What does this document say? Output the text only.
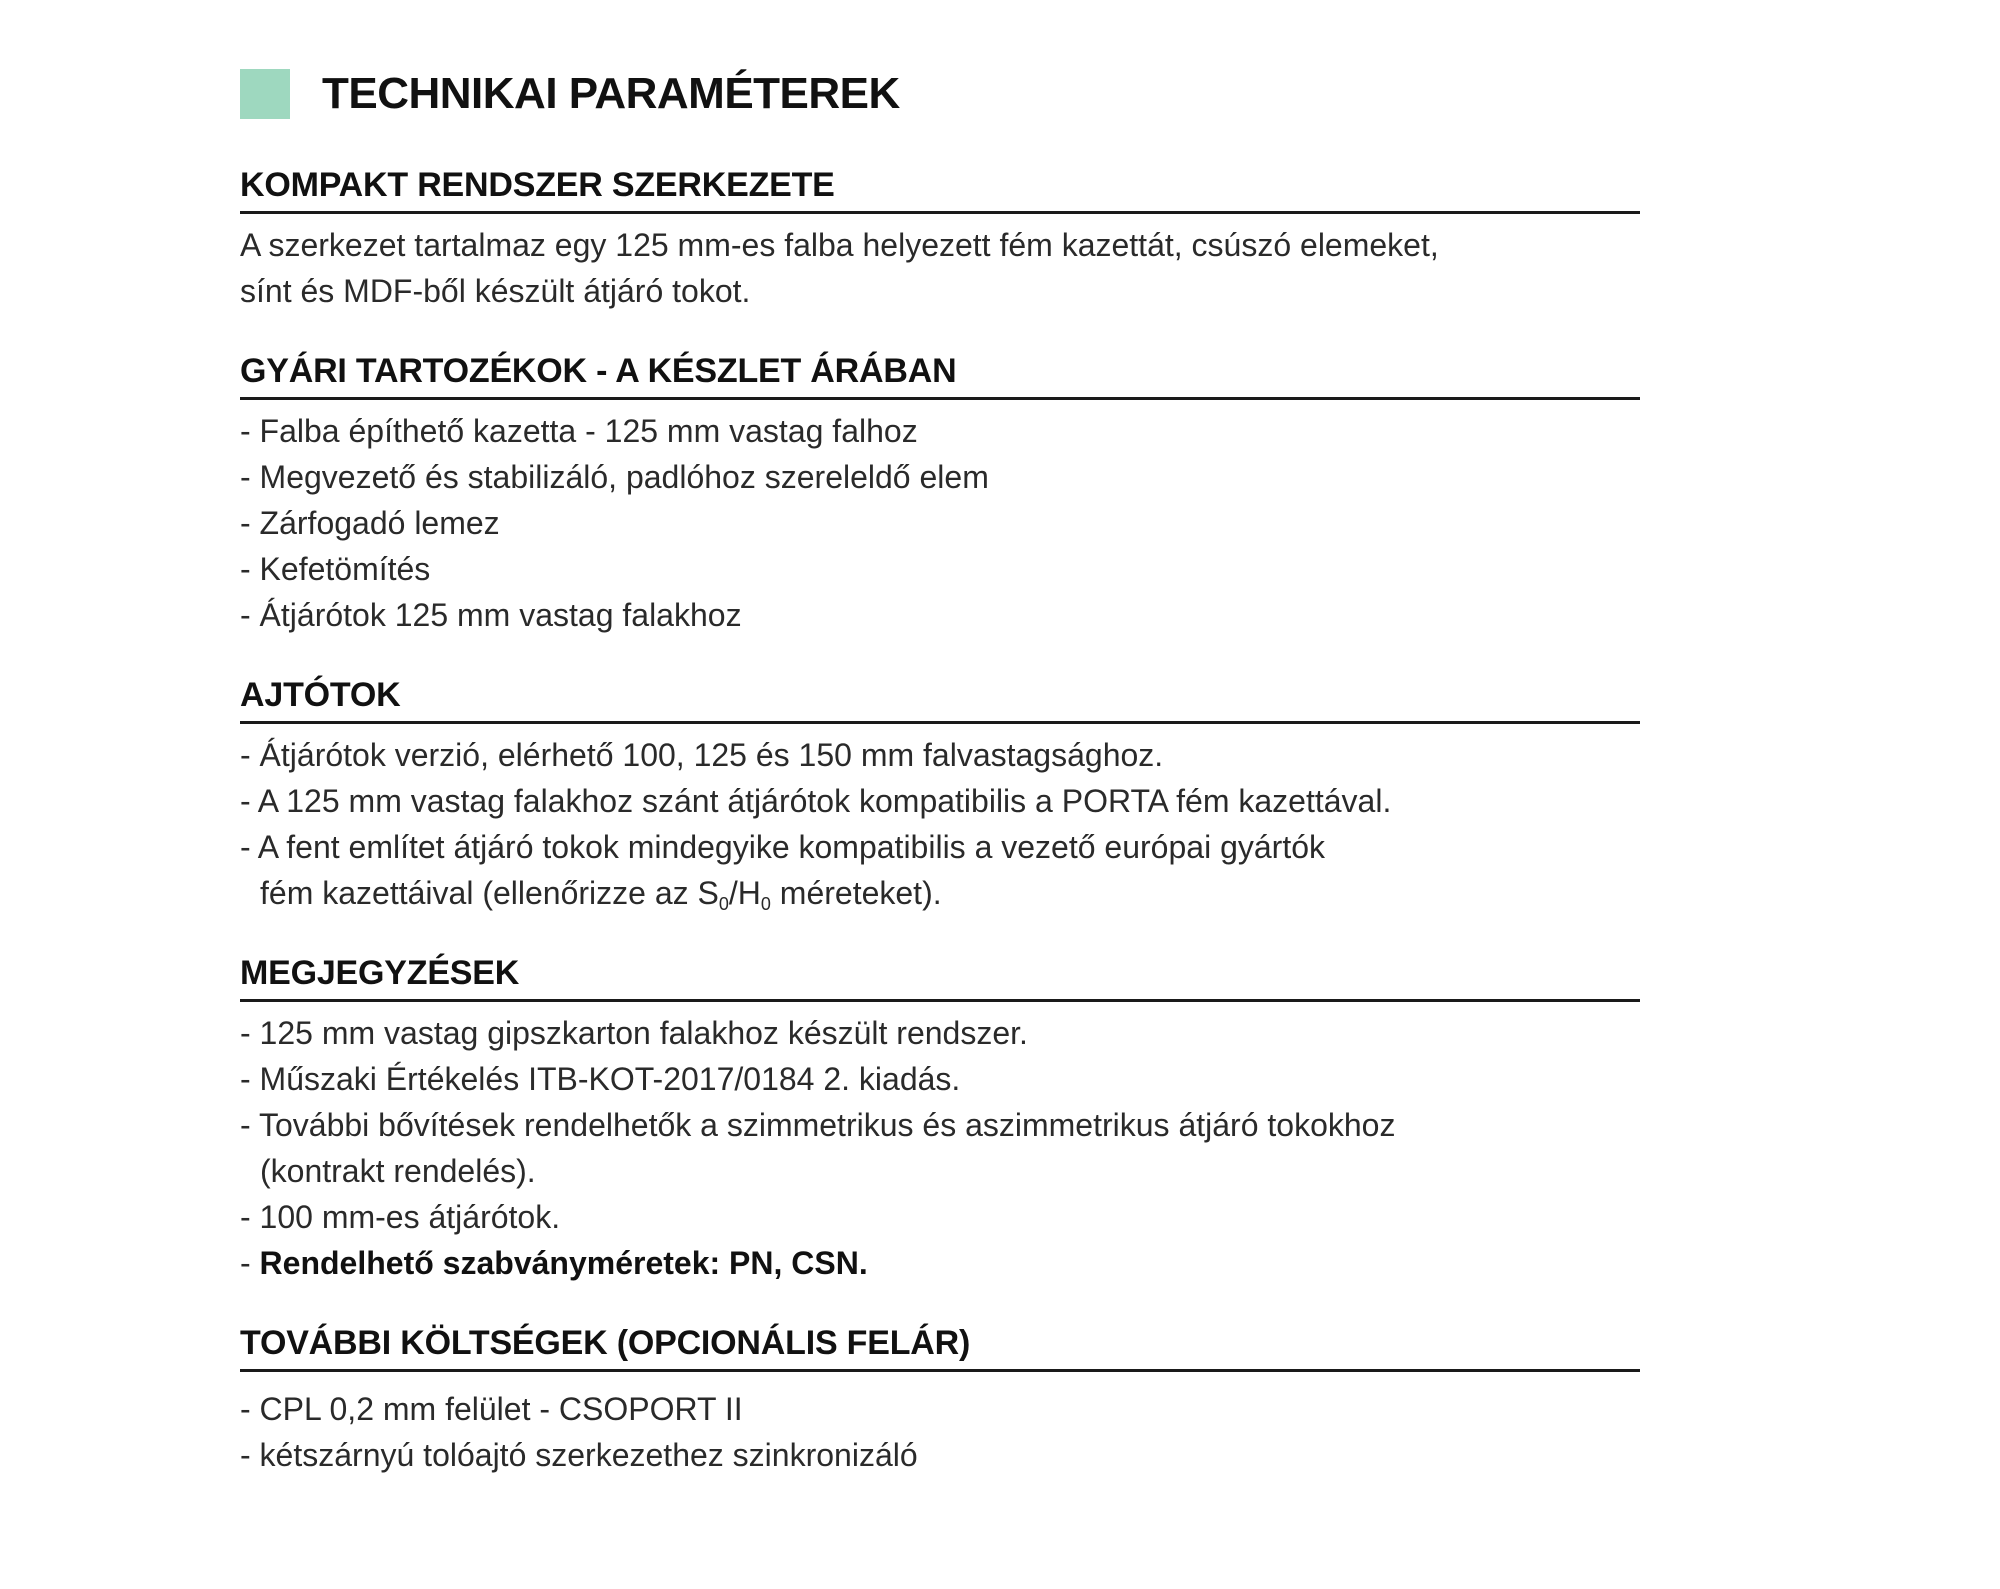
TECHNIKAI PARAMÉTEREK
KOMPAKT RENDSZER SZERKEZETE
A szerkezet tartalmaz egy 125 mm-es falba helyezett fém kazettát, csúszó elemeket,
sínt és MDF-ből készült átjáró tokot.
GYÁRI TARTOZÉKOK - A KÉSZLET ÁRÁBAN
- Falba építhető kazetta - 125 mm vastag falhoz
- Megvezető és stabilizáló, padlóhoz szereleldő elem
- Zárfogadó lemez
- Kefetömítés
- Átjárótok 125 mm vastag falakhoz
AJTÓTOK
- Átjárótok verzió, elérhető 100, 125 és 150 mm falvastagsághoz.
- A 125 mm vastag falakhoz szánt átjárótok kompatibilis a PORTA fém kazettával.
- A fent említet átjáró tokok mindegyike kompatibilis a vezető európai gyártók
fém kazettáival (ellenőrizze az $S_0/H_0$ méreteket).
MEGJEGYZÉSEK
- 125 mm vastag gipszkarton falakhoz készült rendszer.
- Műszaki Értékelés ITB-KOT-2017/0184 2. kiadás.
- További bővítések rendelhetők a szimmetrikus és aszimmetrikus átjáró tokokhoz
(kontrakt rendelés).
- 100 mm-es átjárótok.
- Rendelhető szabványméretek: PN, CSN.
TOVÁBBI KÖLTSÉGEK (OPCIONÁLIS FELÁR)
- CPL 0,2 mm felület - CSOPORT II
- kétszárnyú tolóajtó szerkezethez szinkronizáló
